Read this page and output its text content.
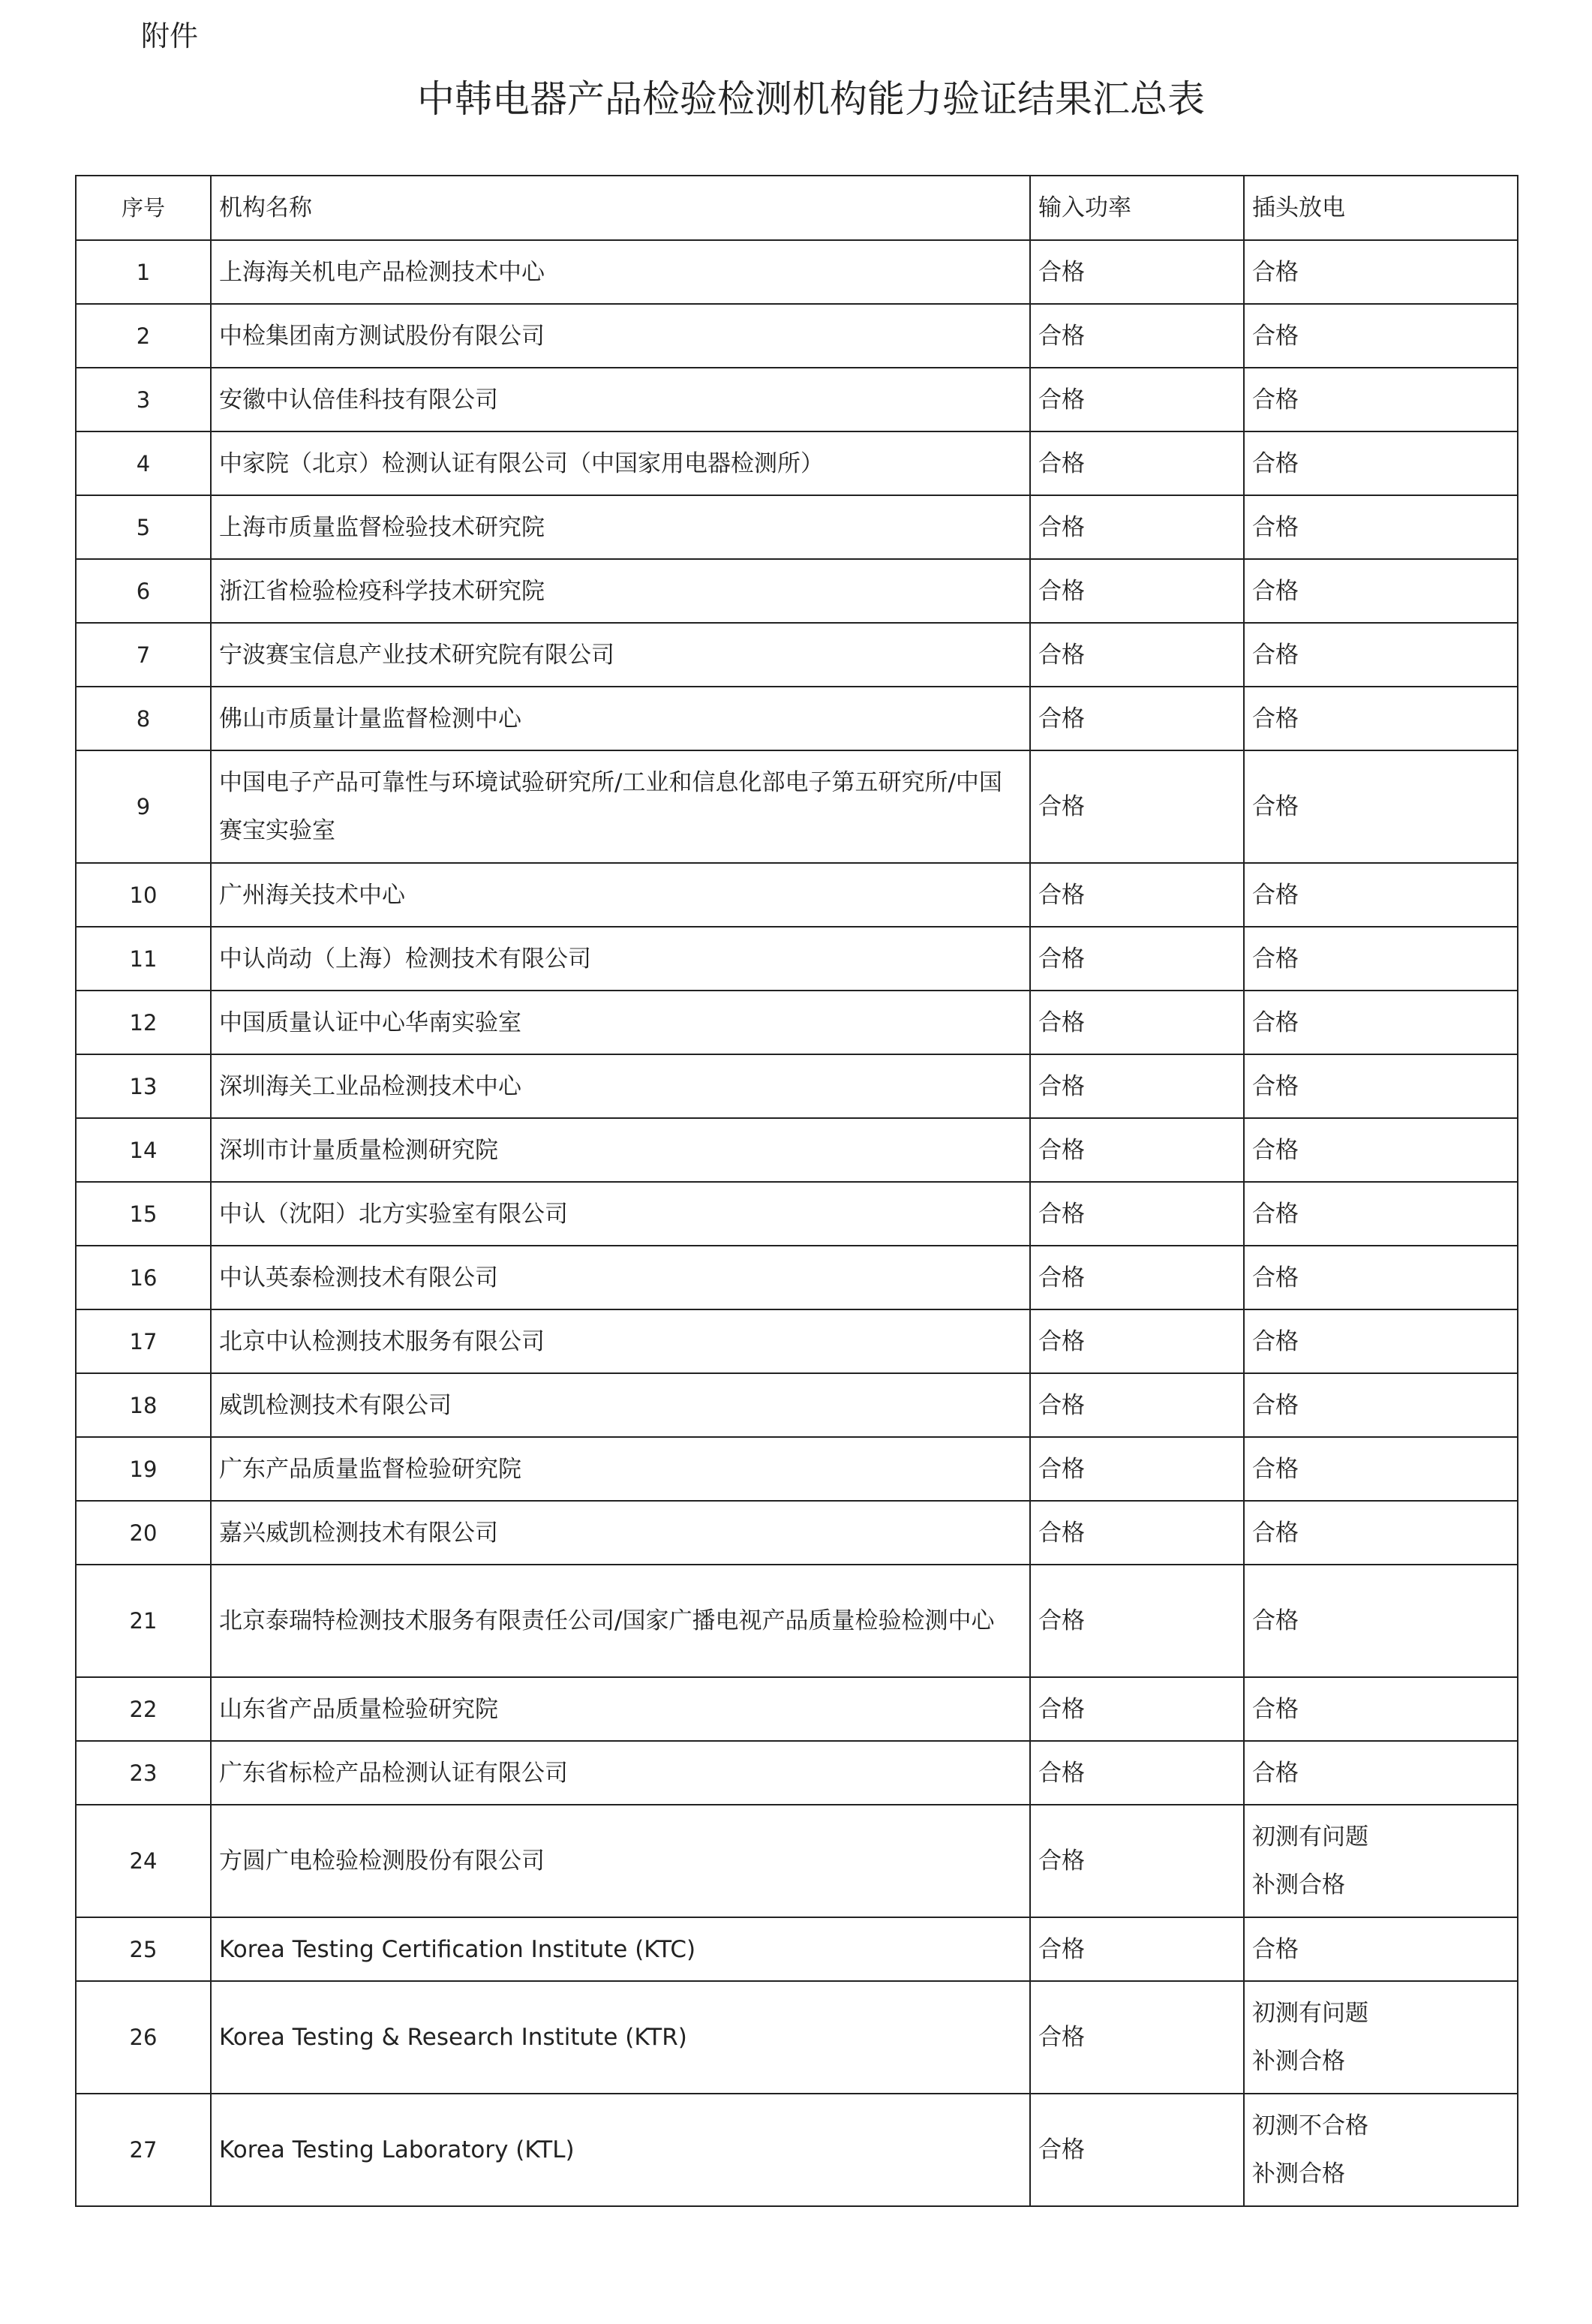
附件
中韩电器产品检验检测机构能力验证结果汇总表
序号	机构名称	输入功率	插头放电
1	上海海关机电产品检测技术中心	合格	合格

2	中检集团南方测试股份有限公司	合格	合格

3	安徽中认倍佳科技有限公司	合格	合格

4	中家院（北京）检测认证有限公司（中国家用电器检测所）	合格	合格

5	上海市质量监督检验技术研究院	合格	合格

6	浙江省检验检疫科学技术研究院	合格	合格

7	宁波赛宝信息产业技术研究院有限公司	合格	合格

8	佛山市质量计量监督检测中心	合格	合格

9	中国电子产品可靠性与环境试验研究所/工业和信息化部电子第五研究所/中国赛宝实验室	合格	合格

10	广州海关技术中心	合格	合格

11	中认尚动（上海）检测技术有限公司	合格	合格

12	中国质量认证中心华南实验室	合格	合格

13	深圳海关工业品检测技术中心	合格	合格

14	深圳市计量质量检测研究院	合格	合格

15	中认（沈阳）北方实验室有限公司	合格	合格

16	中认英泰检测技术有限公司	合格	合格

17	北京中认检测技术服务有限公司	合格	合格

18	威凯检测技术有限公司	合格	合格

19	广东产品质量监督检验研究院	合格	合格

20	嘉兴威凯检测技术有限公司	合格	合格

21	北京泰瑞特检测技术服务有限责任公司/国家广播电视产品质量检验检测中心	合格	合格

22	山东省产品质量检验研究院	合格	合格

23	广东省标检产品检测认证有限公司	合格	合格

24	方圆广电检验检测股份有限公司	合格	初测有问题
补测合格

25	Korea Testing Certification Institute (KTC)	合格	合格

26	Korea Testing & Research Institute (KTR)	合格	初测有问题
补测合格

27	Korea Testing Laboratory (KTL)	合格	初测不合格
补测合格
